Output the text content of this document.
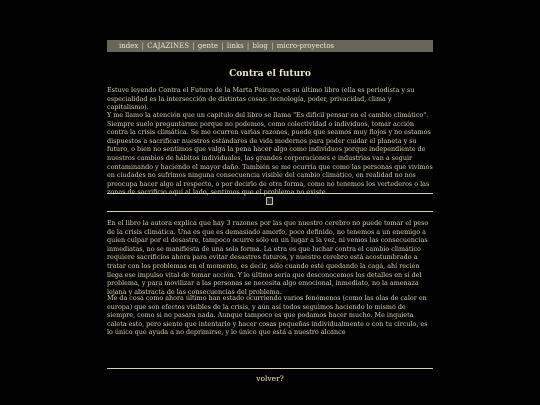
index | CAJAZINES | gente | links | blog | micro-proyectos
Contra el futuro

Estuve leyendo Contra el Futuro de la Marta Peirano, es su último libro (ella es periodista y su especialidad es la intersección de distintas cosas: tecnología, poder, privacidad, clima y capitalismo).

Y me llamo la atención que un capitulo del libro se llama "Es difícil pensar en el cambio climático". Siempre suelo preguntarme porque no podemos, como colectividad o individuos, tomar acción contra la crisis climática. Se me ocurren varias razones, puede que seamos muy flojos y no estamos dispuestos a sacrificar nuestros estándares de vida modernos para poder cuidar el planeta y su futuro, o bien no sentimos que valga la pena hacer algo como individuos porque independiente de nuestros cambios de hábitos individuales, las grandes corporaciones e industrias van a seguir contaminando y haciendo el mayor daño. También se me ocurría que como las personas que vivimos en ciudades no sufrimos ninguna consecuencia visible del cambio climático, en realidad no nos preocupa hacer algo al respecto, o por decirlo de otra forma, como no tenemos los vertederos o las

En el libro la autora explica que hay 3 razones por las que nuestro cerebro no puede tomar el peso de la crisis climática. Una es que es demasiado amorfo, poco definido, no tenemos a un enemigo a quien culpar por el desastre, tampoco ocurre sólo en un lugar a la vez, ni vemos las consecuencias inmediatas, no se manifiesta de una sola forma. La otra es que luchar contra el cambio climático requiere sacrificios ahora para evitar desastres futuros, y nuestro cerebro está acostumbrado a tratar con los problemas en el momento, es decir, sólo cuando esté quedando la cagá, ahí recién llega ese impulso vital de tomar acción. Y lo último sería que desconocemos los detalles en sí del problema, y para movilizar a las personas se necesita algo emocional, inmediato, no la amenaza lejana y abstracta de las consecuencias del problema.

Me da cosa como ahora último han estado ocurriendo varios fenómenos (como las olas de calor en europa) que son efectos visibles de la crisis, y aún así todos seguimos haciendo lo mismo de siempre, como si no pasara nada. Aunque tampoco es que podamos hacer mucho. Me inquieta caleta esto, pero siento que intentarlo y hacer cosas pequeñas individualmente o con tu círculo, es lo único que ayuda a no deprimirse, y lo único que está a nuestro alcance

volver?
